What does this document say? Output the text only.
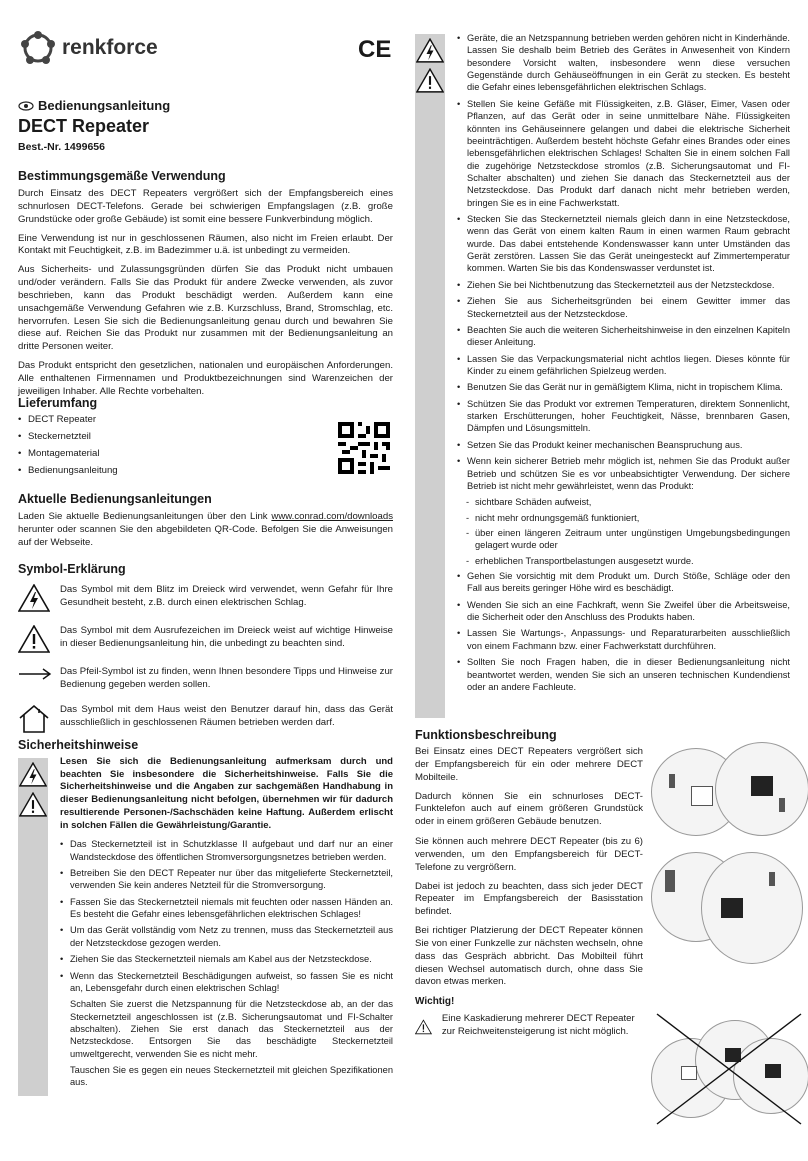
renkforce	CE
Bedienungsanleitung
DECT Repeater
Best.-Nr. 1499656
Bestimmungsgemäße Verwendung

Durch Einsatz des DECT Repeaters vergrößert sich der Empfangsbereich eines schnurlosen DECT-Telefons. Gerade bei schwierigen Empfangslagen (z.B. große Grundstücke oder große Gebäude) ist somit eine bessere Funkverbindung möglich.

Eine Verwendung ist nur in geschlossenen Räumen, also nicht im Freien erlaubt. Der Kontakt mit Feuchtigkeit, z.B. im Badezimmer u.ä. ist unbedingt zu vermeiden.

Aus Sicherheits- und Zulassungsgründen dürfen Sie das Produkt nicht umbauen und/oder verändern. Falls Sie das Produkt für andere Zwecke verwenden, als zuvor beschrieben, kann das Produkt beschädigt werden. Außerdem kann eine unsachgemäße Verwendung Gefahren wie z.B. Kurzschluss, Brand, Stromschlag, etc. hervorrufen. Lesen Sie sich die Bedienungsanleitung genau durch und bewahren Sie diese auf. Reichen Sie das Produkt nur zusammen mit der Bedienungsanleitung an dritte Personen weiter.

Das Produkt entspricht den gesetzlichen, nationalen und europäischen Anforderungen. Alle enthaltenen Firmennamen und Produktbezeichnungen sind Warenzeichen der jeweiligen Inhaber. Alle Rechte vorbehalten.

Lieferumfang
• DECT Repeater
• Steckernetzteil
• Montagematerial
• Bedienungsanleitung
Aktuelle Bedienungsanleitungen

Laden Sie aktuelle Bedienungsanleitungen über den Link www.conrad.com/downloads herunter oder scannen Sie den abgebildeten QR-Code. Befolgen Sie die Anweisungen auf der Webseite.

Symbol-Erklärung

Das Symbol mit dem Blitz im Dreieck wird verwendet, wenn Gefahr für Ihre Gesundheit besteht, z.B. durch einen elektrischen Schlag.

Das Symbol mit dem Ausrufezeichen im Dreieck weist auf wichtige Hinweise in dieser Bedienungsanleitung hin, die unbedingt zu beachten sind.

Das Pfeil-Symbol ist zu finden, wenn Ihnen besondere Tipps und Hinweise zur Bedienung gegeben werden sollen.

Das Symbol mit dem Haus weist den Benutzer darauf hin, dass das Gerät ausschließlich in geschlossenen Räumen betrieben werden darf.

Sicherheitshinweise

Lesen Sie sich die Bedienungsanleitung aufmerksam durch und beachten Sie insbesondere die Sicherheitshinweise. Falls Sie die Sicherheitshinweise und die Angaben zur sachgemäßen Handhabung in dieser Bedienungsanleitung nicht befolgen, übernehmen wir für dadurch resultierende Personen-/Sachschäden keine Haftung. Außerdem erlischt in solchen Fällen die Gewährleistung/Garantie.

• Das Steckernetzteil ist in Schutzklasse II aufgebaut und darf nur an einer Wandsteckdose des öffentlichen Stromversorgungsnetzes betrieben werden.
• Betreiben Sie den DECT Repeater nur über das mitgelieferte Steckernetzteil, verwenden Sie kein anderes Netzteil für die Stromversorgung.
• Fassen Sie das Steckernetzteil niemals mit feuchten oder nassen Händen an. Es besteht die Gefahr eines lebensgefährlichen elektrischen Schlages!
• Um das Gerät vollständig vom Netz zu trennen, muss das Steckernetzteil aus der Netzsteckdose gezogen werden.
• Ziehen Sie das Steckernetzteil niemals am Kabel aus der Netzsteckdose.
• Wenn das Steckernetzteil Beschädigungen aufweist, so fassen Sie es nicht an, Lebensgefahr durch einen elektrischen Schlag!
Schalten Sie zuerst die Netzspannung für die Netzsteckdose ab, an der das Steckernetzteil angeschlossen ist (z.B. Sicherungsautomat und FI-Schalter abschalten). Ziehen Sie erst danach das Steckernetzteil aus der Netzsteckdose. Entsorgen Sie das beschädigte Steckernetzteil umweltgerecht, verwenden Sie es nicht mehr.
Tauschen Sie es gegen ein neues Steckernetzteil mit gleichen Spezifikationen aus.
• Geräte, die an Netzspannung betrieben werden gehören nicht in Kinderhände. Lassen Sie deshalb beim Betrieb des Gerätes in Anwesenheit von Kindern besondere Vorsicht walten, insbesondere wenn diese versuchen Gegenstände durch Gehäuseöffnungen in ein Gerät zu stecken. Es besteht die Gefahr eines lebensgefährlichen elektrischen Schlags.
• Stellen Sie keine Gefäße mit Flüssigkeiten, z.B. Gläser, Eimer, Vasen oder Pflanzen, auf das Gerät oder in seine unmittelbare Nähe. Flüssigkeiten könnten ins Gehäuseinnere gelangen und dabei die elektrische Sicherheit beeinträchtigen. Außerdem besteht höchste Gefahr eines Brandes oder eines lebensgefährlichen elektrischen Schlages! Schalten Sie in einem solchen Fall die zugehörige Netzsteckdose stromlos (z.B. Sicherungsautomat und FI-Schalter abschalten) und ziehen Sie danach das Steckernetzteil aus der Netzsteckdose. Das Produkt darf danach nicht mehr betrieben werden, bringen Sie es in eine Fachwerkstatt.
• Stecken Sie das Steckernetzteil niemals gleich dann in eine Netzsteckdose, wenn das Gerät von einem kalten Raum in einen warmen Raum gebracht wurde. Das dabei entstehende Kondenswasser kann unter Umständen das Gerät zerstören. Lassen Sie das Gerät uneingesteckt auf Zimmertemperatur kommen. Warten Sie bis das Kondenswasser verdunstet ist.
• Ziehen Sie bei Nichtbenutzung das Steckernetzteil aus der Netzsteckdose.
• Ziehen Sie aus Sicherheitsgründen bei einem Gewitter immer das Steckernetzteil aus der Netzsteckdose.
• Beachten Sie auch die weiteren Sicherheitshinweise in den einzelnen Kapiteln dieser Anleitung.
• Lassen Sie das Verpackungsmaterial nicht achtlos liegen. Dieses könnte für Kinder zu einem gefährlichen Spielzeug werden.
• Benutzen Sie das Gerät nur in gemäßigtem Klima, nicht in tropischem Klima.
• Schützen Sie das Produkt vor extremen Temperaturen, direktem Sonnenlicht, starken Erschütterungen, hoher Feuchtigkeit, Nässe, brennbaren Gasen, Dämpfen und Lösungsmitteln.
• Setzen Sie das Produkt keiner mechanischen Beanspruchung aus.
• Wenn kein sicherer Betrieb mehr möglich ist, nehmen Sie das Produkt außer Betrieb und schützen Sie es vor unbeabsichtigter Verwendung. Der sichere Betrieb ist nicht mehr gewährleistet, wenn das Produkt:
- sichtbare Schäden aufweist,
- nicht mehr ordnungsgemäß funktioniert,
- über einen längeren Zeitraum unter ungünstigen Umgebungsbedingungen gelagert wurde oder
- erheblichen Transportbelastungen ausgesetzt wurde.
• Gehen Sie vorsichtig mit dem Produkt um. Durch Stöße, Schläge oder den Fall aus bereits geringer Höhe wird es beschädigt.
• Wenden Sie sich an eine Fachkraft, wenn Sie Zweifel über die Arbeitsweise, die Sicherheit oder den Anschluss des Produkts haben.
• Lassen Sie Wartungs-, Anpassungs- und Reparaturarbeiten ausschließlich von einem Fachmann bzw. einer Fachwerkstatt durchführen.
• Sollten Sie noch Fragen haben, die in dieser Bedienungsanleitung nicht beantwortet werden, wenden Sie sich an unseren technischen Kundendienst oder an andere Fachleute.
Funktionsbeschreibung

Bei Einsatz eines DECT Repeaters vergrößert sich der Empfangsbereich für ein oder mehrere DECT Mobilteile.

Dadurch können Sie ein schnurloses DECT-Funktelefon auch auf einem größeren Grundstück oder in einem größeren Gebäude benutzen.

Sie können auch mehrere DECT Repeater (bis zu 6) verwenden, um den Empfangsbereich für DECT-Telefone zu vergrößern.

Dabei ist jedoch zu beachten, dass sich jeder DECT Repeater im Empfangsbereich der Basisstation befindet.

Bei richtiger Platzierung der DECT Repeater können Sie von einer Funkzelle zur nächsten wechseln, ohne dass das Gespräch abbricht. Das Mobilteil führt diesen Wechsel automatisch durch, ohne dass Sie davon etwas merken.

Wichtig!

Eine Kaskadierung mehrerer DECT Repeater zur Reichweitensteigerung ist nicht möglich.
